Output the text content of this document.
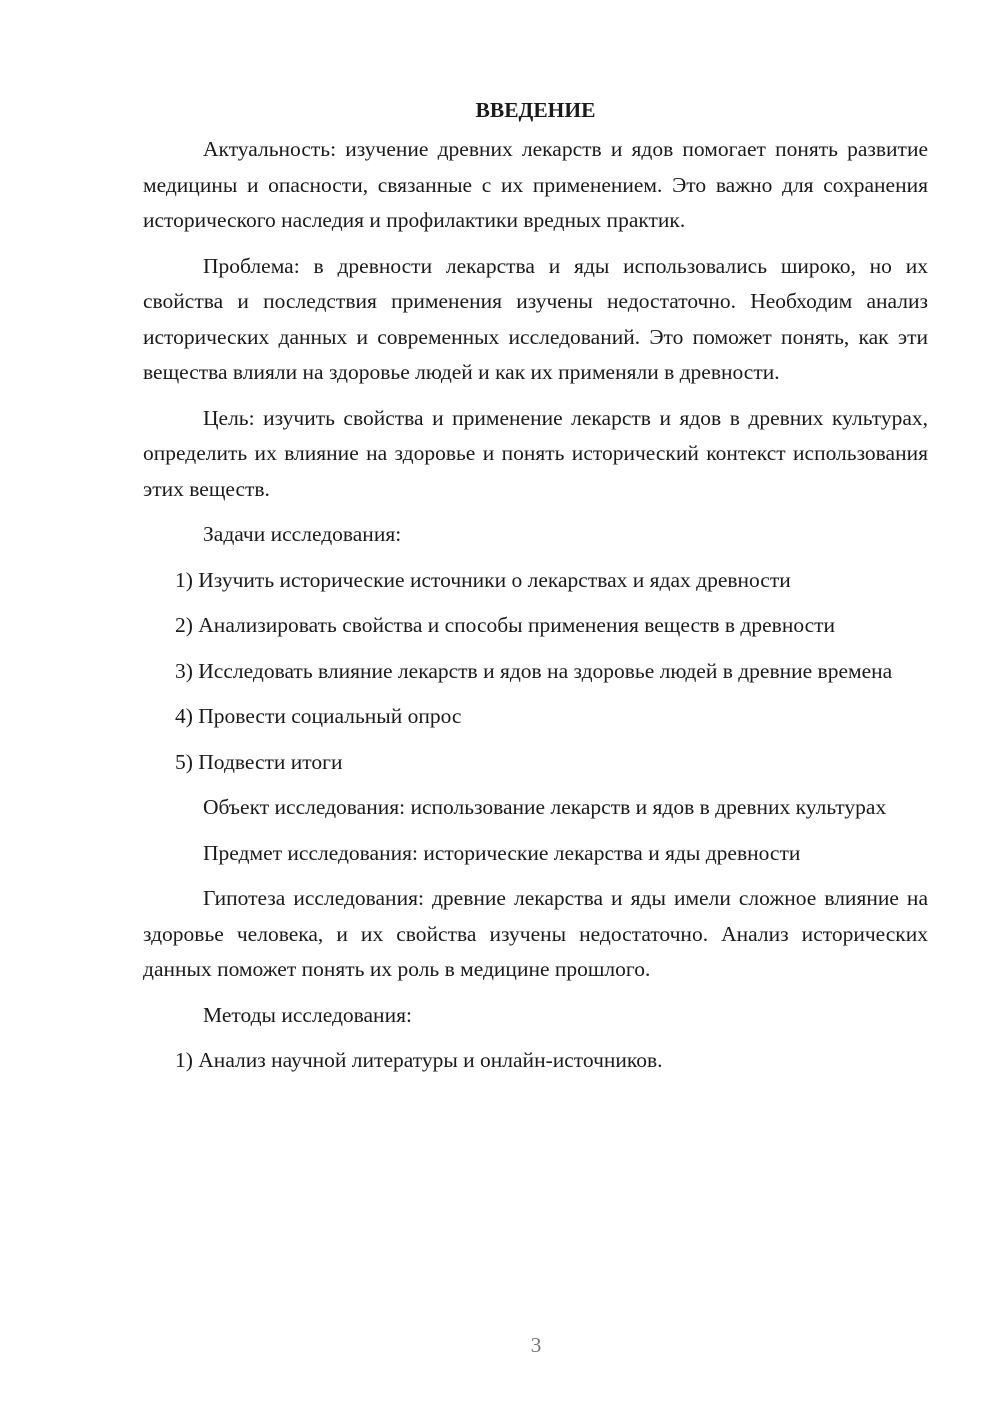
ВВЕДЕНИЕ

Актуальность: изучение древних лекарств и ядов помогает понять развитие медицины и опасности, связанные с их применением. Это важно для сохранения исторического наследия и профилактики вредных практик.

Проблема: в древности лекарства и яды использовались широко, но их свойства и последствия применения изучены недостаточно. Необходим анализ исторических данных и современных исследований. Это поможет понять, как эти вещества влияли на здоровье людей и как их применяли в древности.

Цель: изучить свойства и применение лекарств и ядов в древних культурах, определить их влияние на здоровье и понять исторический контекст использования этих веществ.

Задачи исследования:

1) Изучить исторические источники о лекарствах и ядах древности

2) Анализировать свойства и способы применения веществ в древности

3) Исследовать влияние лекарств и ядов на здоровье людей в древние времена

4) Провести социальный опрос

5) Подвести итоги

Объект исследования: использование лекарств и ядов в древних культурах

Предмет исследования: исторические лекарства и яды древности

Гипотеза исследования: древние лекарства и яды имели сложное влияние на здоровье человека, и их свойства изучены недостаточно. Анализ исторических данных поможет понять их роль в медицине прошлого.

Методы исследования:

1) Анализ научной литературы и онлайн-источников.

3
